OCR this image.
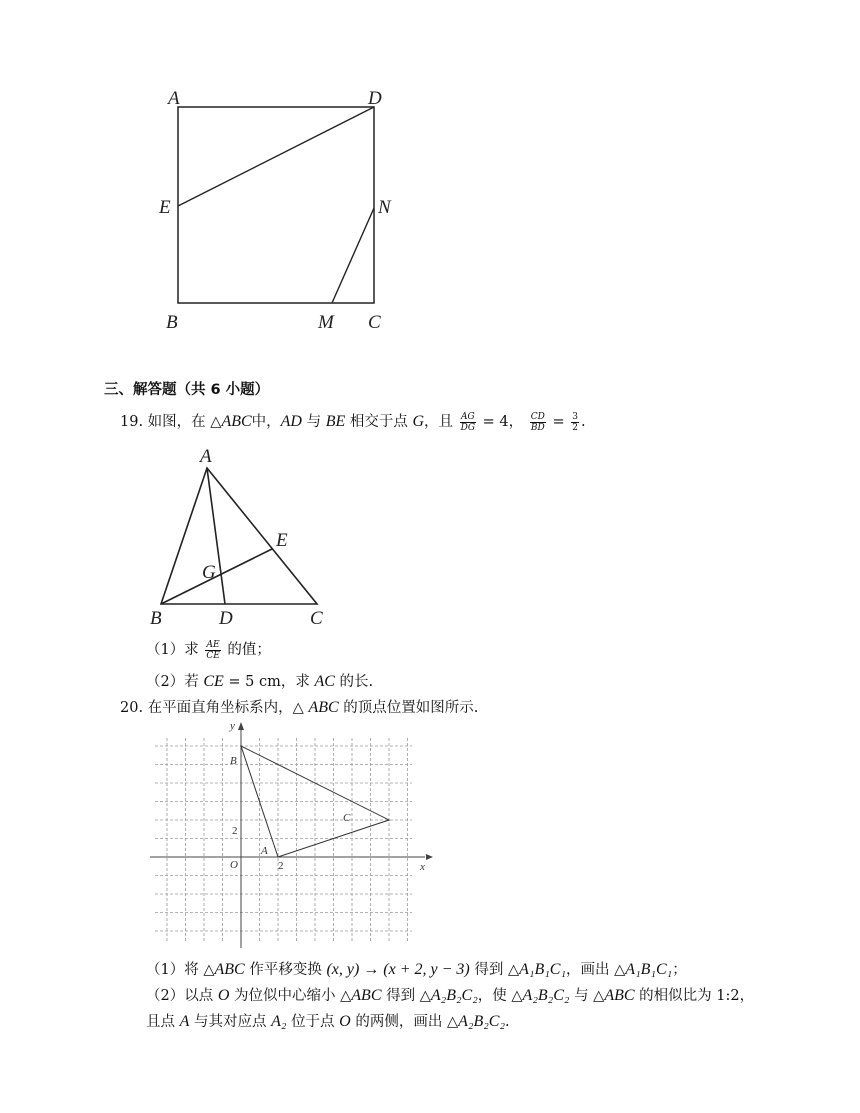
A	D
E	N
B	M C
三、解答题（共 6 小题）
19. 如图，在 △ABC中，AD 与 BE 相交于点 G，且 $\frac{AG}{DG} = 4$， $\frac{CD}{BD} = \frac{3}{2}$ .
A
E
G
B	D	C
（1）求 $\frac{AE}{CE}$ 的值；
（2）若 CE = 5 cm，求 AC 的长.
20. 在平面直角坐标系内，△ ABC 的顶点位置如图所示.
x
y
O	2
2
A
B
C
（1）将 △ABC 作平移变换 (x, y) → (x + 2, y − 3) 得到 △A₁B₁C₁，画出 △A₁B₁C₁；
（2）以点 O 为位似中心缩小 △ABC 得到 △A₂B₂C₂，使 △A₂B₂C₂ 与 △ABC 的相似比为 1:2，
且点 A 与其对应点 A₂ 位于点 O 的两侧，画出 △A₂B₂C₂.
